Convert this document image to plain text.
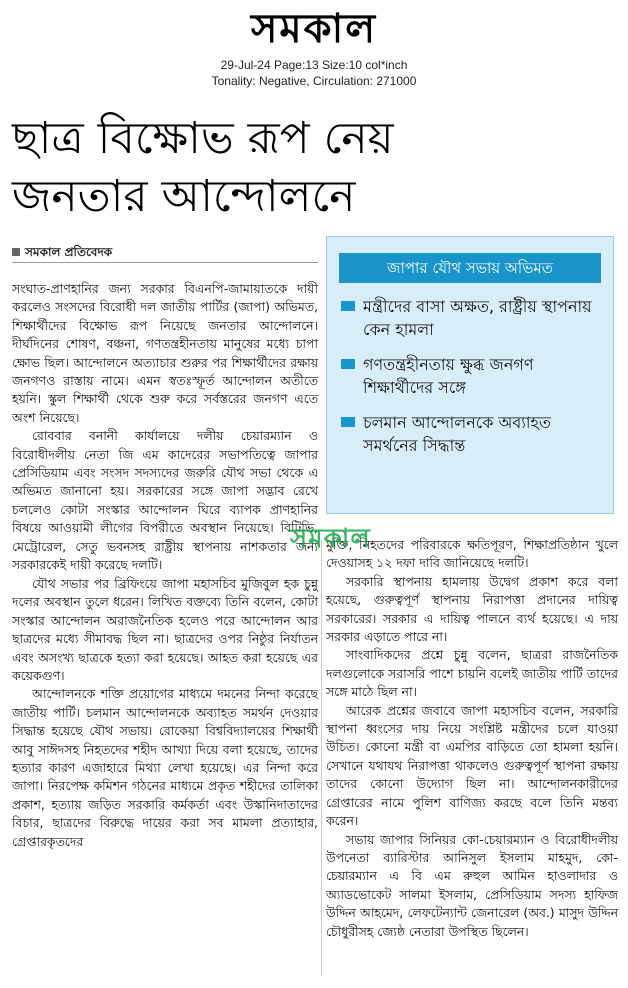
সমকাল
29-Jul-24 Page:13 Size:10 col*inch
Tonality: Negative, Circulation: 271000
ছাত্র বিক্ষোভ রূপ নেয়
জনতার আন্দোলনে
সমকাল প্রতিবেদক

সংঘাত-প্রাণহানির জন্য সরকার বিএনপি-জামায়াতকে দায়ী করলেও সংসদের বিরোধী দল জাতীয় পার্টির (জাপা) অভিমত, শিক্ষার্থীদের বিক্ষোভ রূপ নিয়েছে জনতার আন্দোলনে। দীর্ঘদিনের শোষণ, বঞ্চনা, গণতন্ত্রহীনতায় মানুষের মধ্যে চাপা ক্ষোভ ছিল। আন্দোলনে অত্যাচার শুরুর পর শিক্ষার্থীদের রক্ষায় জনগণও রাস্তায় নামে। এমন স্বতঃস্ফূর্ত আন্দোলন অতীতে হয়নি। স্কুল শিক্ষার্থী থেকে শুরু করে সর্বস্তরের জনগণ এতে অংশ নিয়েছে।

রোববার বনানী কার্যালয়ে দলীয় চেয়ারম্যান ও বিরোধীদলীয় নেতা জি এম কাদেরের সভাপতিত্বে জাপার প্রেসিডিয়াম এবং সংসদ সদস্যদের জরুরি যৌথ সভা থেকে এ অভিমত জানানো হয়। সরকারের সঙ্গে জাপা সদ্ভাব রেখে চললেও কোটা সংস্কার আন্দোলন ঘিরে ব্যাপক প্রাণহানির বিষয়ে আওয়ামী লীগের বিপরীতে অবস্থান নিয়েছে। বিটিভি, মেট্রোরেল, সেতু ভবনসহ রাষ্ট্রীয় স্থাপনায় নাশকতার জন্য সরকারকেই দায়ী করেছে দলটি।

জাপার যৌথ সভায় অভিমত
মন্ত্রীদের বাসা অক্ষত, রাষ্ট্রীয় স্থাপনায় কেন হামলা
গণতন্ত্রহীনতায় ক্ষুব্ধ জনগণ শিক্ষার্থীদের সঙ্গে
চলমান আন্দোলনকে অব্যাহত সমর্থনের সিদ্ধান্ত

যৌথ সভার পর ব্রিফিংয়ে জাপা মহাসচিব মুজিবুল হক চুন্নু দলের অবস্থান তুলে ধরেন। লিখিত বক্তব্যে তিনি বলেন, কোটা সংস্কার আন্দোলন অরাজনৈতিক হলেও পরে আন্দোলন আর ছাত্রদের মধ্যে সীমাবদ্ধ ছিল না। ছাত্রদের ওপর নিষ্ঠুর নির্যাতন এবং অসংখ্য ছাত্রকে হত্যা করা হয়েছে। আহত করা হয়েছে এর কয়েকগুণ।

আন্দোলনকে শক্তি প্রয়োগের মাধ্যমে দমনের নিন্দা করেছে জাতীয় পার্টি। চলমান আন্দোলনকে অব্যাহত সমর্থন দেওয়ার সিদ্ধান্ত হয়েছে যৌথ সভায়। রোকেয়া বিশ্ববিদ্যালয়ের শিক্ষার্থী আবু সাঈদসহ নিহতদের শহীদ আখ্যা দিয়ে বলা হয়েছে, তাদের হত্যার কারণ এজাহারে মিথ্যা লেখা হয়েছে। এর নিন্দা করে জাপা। নিরপেক্ষ কমিশন গঠনের মাধ্যমে প্রকৃত শহীদের তালিকা প্রকাশ, হত্যায় জড়িত সরকারি কর্মকর্তা এবং উস্কানিদাতাদের বিচার, ছাত্রদের বিরুদ্ধে দায়ের করা সব মামলা প্রত্যাহার, গ্রেপ্তারকৃতদের

মুক্তি, নিহতদের পরিবারকে ক্ষতিপূরণ, শিক্ষাপ্রতিষ্ঠান খুলে দেওয়াসহ ১২ দফা দাবি জানিয়েছে দলটি।

সরকারি স্থাপনায় হামলায় উদ্বেগ প্রকাশ করে বলা হয়েছে, গুরুত্বপূর্ণ স্থাপনায় নিরাপত্তা প্রদানের দায়িত্ব সরকারের। সরকার এ দায়িত্ব পালনে ব্যর্থ হয়েছে। এ দায় সরকার এড়াতে পারে না।

সাংবাদিকদের প্রশ্নে চুন্নু বলেন, ছাত্ররা রাজনৈতিক দলগুলোকে সরাসরি পাশে চায়নি বলেই জাতীয় পার্টি তাদের সঙ্গে মাঠে ছিল না।

আরেক প্রশ্নের জবাবে জাপা মহাসচিব বলেন, সরকারি স্থাপনা ধ্বংসের দায় নিয়ে সংশ্লিষ্ট মন্ত্রীদের চলে যাওয়া উচিত। কোনো মন্ত্রী বা এমপির বাড়িতে তো হামলা হয়নি। সেখানে যথাযথ নিরাপত্তা থাকলেও গুরুত্বপূর্ণ স্থাপনা রক্ষায় তাদের কোনো উদ্যোগ ছিল না। আন্দোলনকারীদের গ্রেপ্তারের নামে পুলিশ বাণিজ্য করছে বলে তিনি মন্তব্য করেন।

সভায় জাপার সিনিয়র কো-চেয়ারম্যান ও বিরোধীদলীয় উপনেতা ব্যারিস্টার আনিসুল ইসলাম মাহমুদ, কো-চেয়ারম্যান এ বি এম রুহুল আমিন হাওলাদার ও অ্যাডভোকেট সালমা ইসলাম, প্রেসিডিয়াম সদস্য হাফিজ উদ্দিন আহমেদ, লেফটেন্যান্ট জেনারেল (অব.) মাসুদ উদ্দিন চৌধুরীসহ জ্যেষ্ঠ নেতারা উপস্থিত ছিলেন।

সমকাল
